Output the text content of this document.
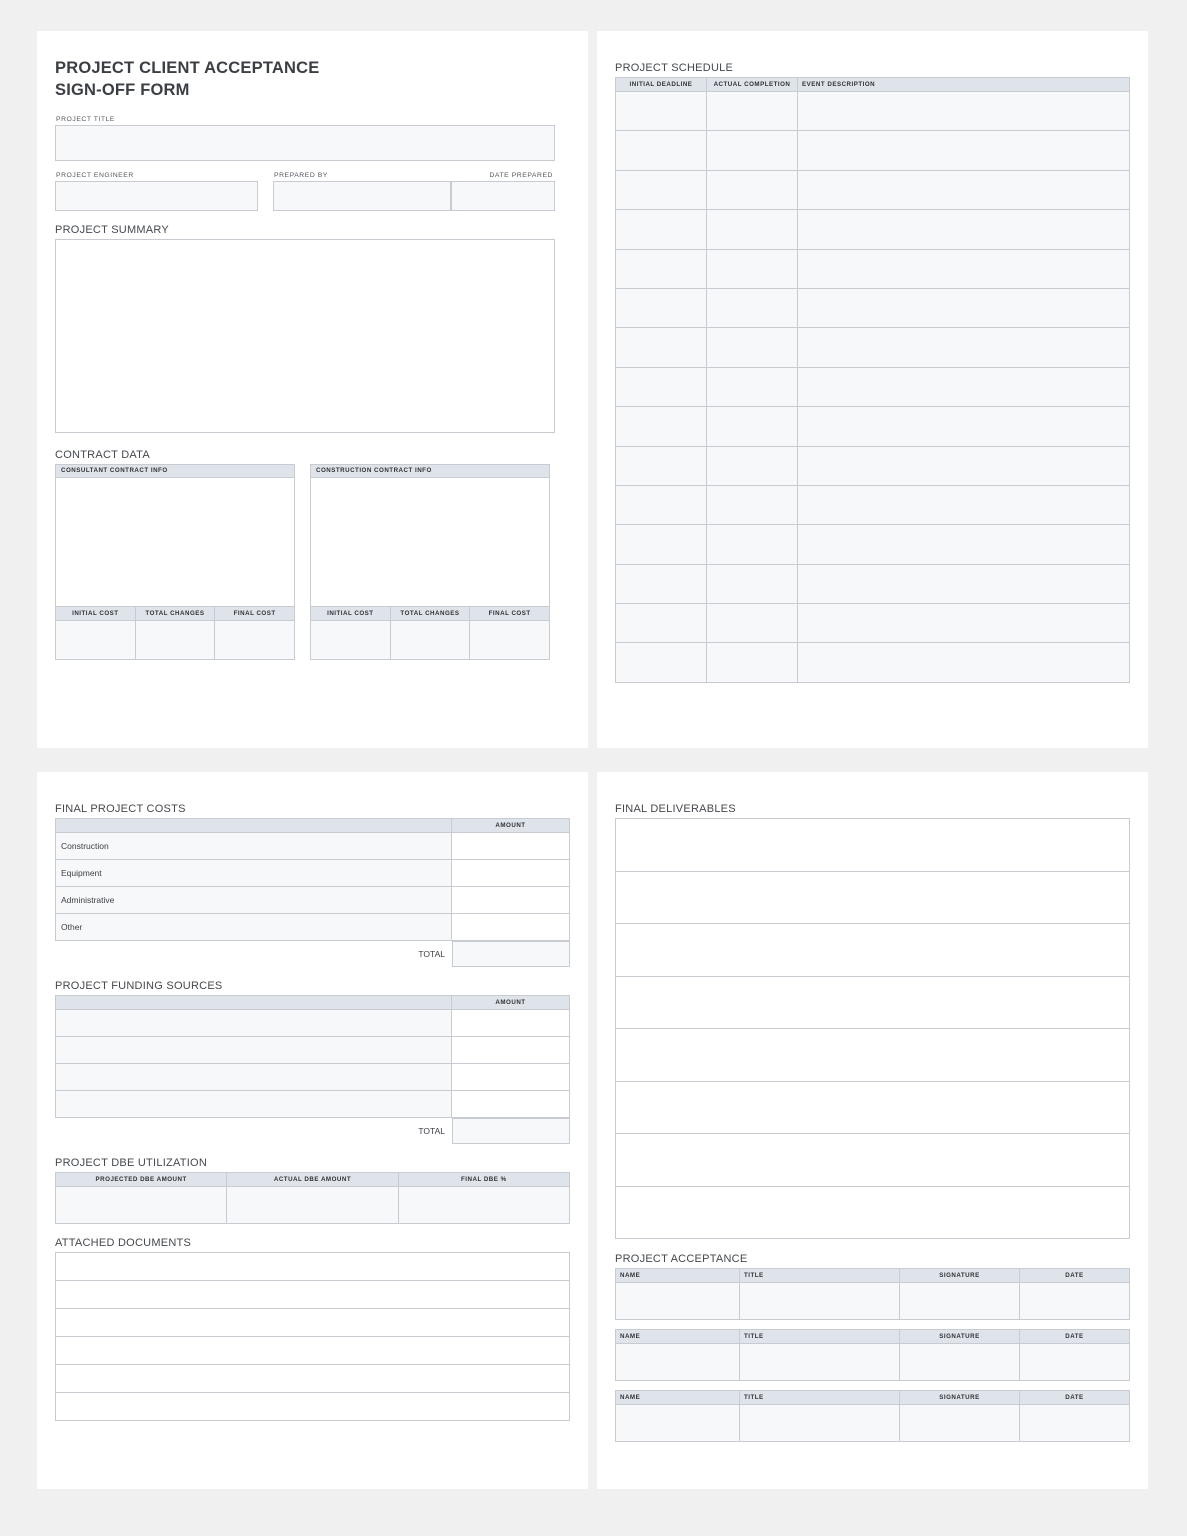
PROJECT CLIENT ACCEPTANCE
SIGN-OFF FORM
PROJECT TITLE
PROJECT ENGINEER	PREPARED BY	DATE PREPARED
PROJECT SUMMARY
CONTRACT DATA
CONSULTANT CONTRACT INFO
INITIAL COST	TOTAL CHANGES	FINAL COST

CONSTRUCTION CONTRACT INFO
INITIAL COST	TOTAL CHANGES	FINAL COST

PROJECT SCHEDULE
INITIAL DEADLINE	ACTUAL COMPLETION	EVENT DESCRIPTION

FINAL PROJECT COSTS
	AMOUNT
Construction	
Equipment	
Administrative	
Other	
TOTAL
PROJECT FUNDING SOURCES
	AMOUNT

TOTAL
PROJECT DBE UTILIZATION
PROJECTED DBE AMOUNT	ACTUAL DBE AMOUNT	FINAL DBE %

ATTACHED DOCUMENTS
FINAL DELIVERABLES
PROJECT ACCEPTANCE
NAME	TITLE	SIGNATURE	DATE

NAME	TITLE	SIGNATURE	DATE

NAME	TITLE	SIGNATURE	DATE
